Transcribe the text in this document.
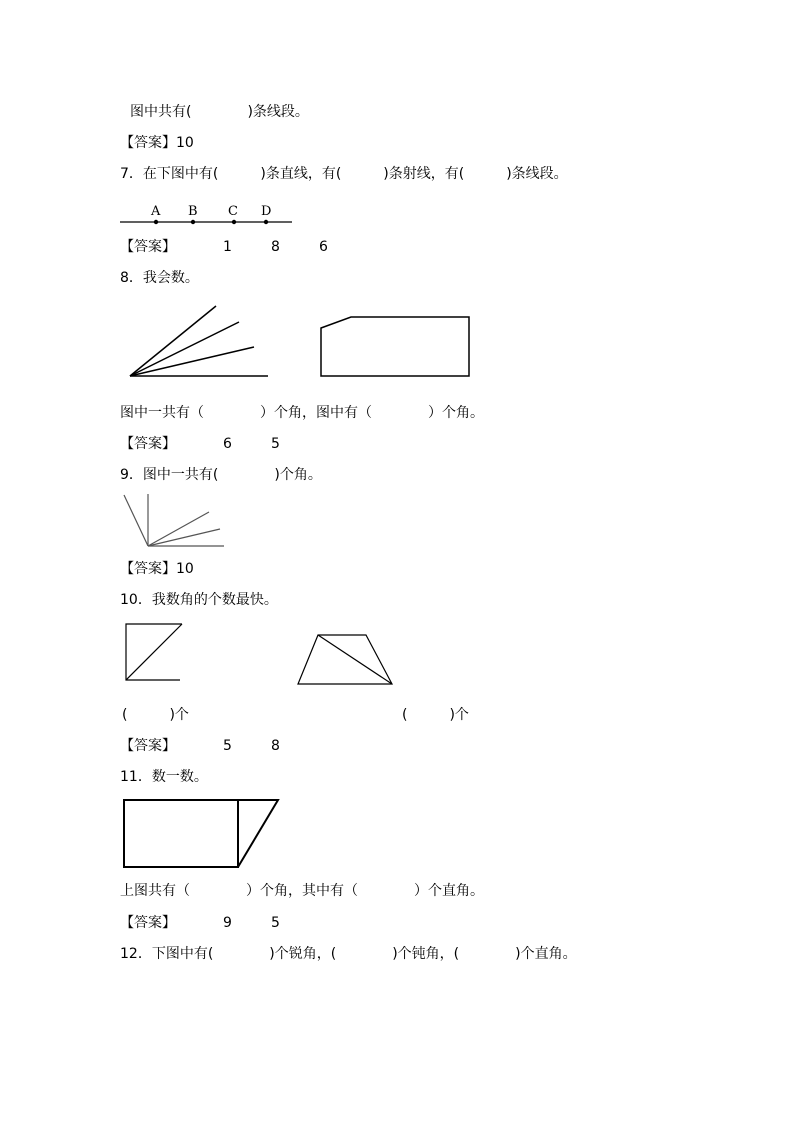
图中共有(　　　　)条线段。
【答案】10
7．在下图中有(　　　)条直线，有(　　　)条射线，有(　　　)条线段。
A B C D
【答案】	1	8	6
8．我会数。
图中一共有（　　　　）个角，图中有（　　　　）个角。
【答案】	6	5
9．图中一共有(　　　　)个角。
【答案】10
10．我数角的个数最快。
(　　　)个	(　　　)个
【答案】	5	8
11．数一数。
上图共有（　　　　）个角，其中有（　　　　）个直角。
【答案】	9	5
12．下图中有(　　　　)个锐角，(　　　　)个钝角，(　　　　)个直角。
